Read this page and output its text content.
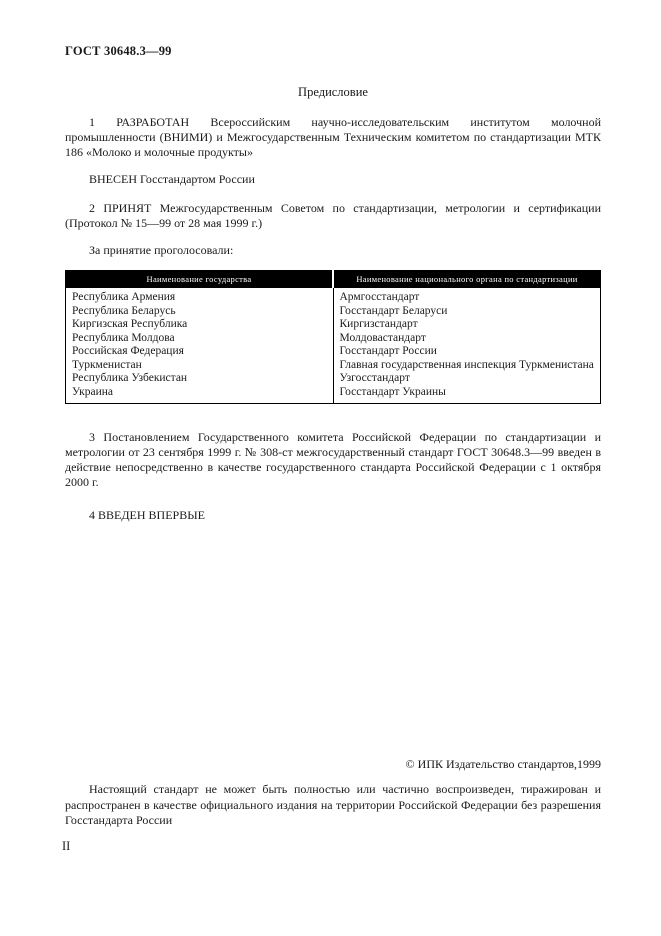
ГОСТ 30648.3—99
Предисловие

1 РАЗРАБОТАН Всероссийским научно-исследовательским институтом молочной промышленности (ВНИМИ) и Межгосударственным Техническим комитетом по стандартизации МТК 186 «Молоко и молочные продукты»

ВНЕСЕН Госстандартом России

2 ПРИНЯТ Межгосударственным Советом по стандартизации, метрологии и сертификации (Протокол № 15—99 от 28 мая 1999 г.)

За принятие проголосовали:

Наименование государства	Наименование национального органа по стандартизации
Республика Армения	Армгосстандарт
Республика Беларусь	Госстандарт Беларуси
Киргизская Республика	Киргизстандарт
Республика Молдова	Молдовастандарт
Российская Федерация	Госстандарт России
Туркменистан	Главная государственная инспекция Туркменистана
Республика Узбекистан	Узгосстандарт
Украина	Госстандарт Украины

3 Постановлением Государственного комитета Российской Федерации по стандартизации и метрологии от 23 сентября 1999 г. № 308-ст межгосударственный стандарт ГОСТ 30648.3—99 введен в действие непосредственно в качестве государственного стандарта Российской Федерации с 1 октября 2000 г.

4 ВВЕДЕН ВПЕРВЫЕ

© ИПК Издательство стандартов,1999

Настоящий стандарт не может быть полностью или частично воспроизведен, тиражирован и распространен в качестве официального издания на территории Российской Федерации без разрешения Госстандарта России

II
